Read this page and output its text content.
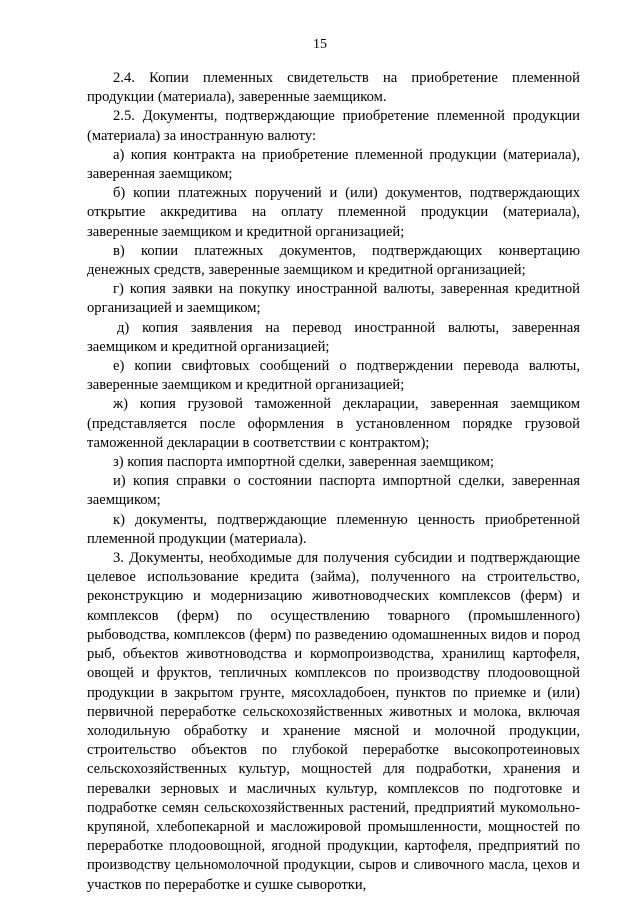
15

2.4. Копии племенных свидетельств на приобретение племенной продукции (материала), заверенные заемщиком.

2.5. Документы, подтверждающие приобретение племенной продукции (материала) за иностранную валюту:

а) копия контракта на приобретение племенной продукции (материала), заверенная заемщиком;

б) копии платежных поручений и (или) документов, подтверждающих открытие аккредитива на оплату племенной продукции (материала), заверенные заемщиком и кредитной организацией;

в) копии платежных документов, подтверждающих конвертацию денежных средств, заверенные заемщиком и кредитной организацией;

г) копия заявки на покупку иностранной валюты, заверенная кредитной организацией и заемщиком;

д) копия заявления на перевод иностранной валюты, заверенная заемщиком и кредитной организацией;

е) копии свифтовых сообщений о подтверждении перевода валюты, заверенные заемщиком и кредитной организацией;

ж) копия грузовой таможенной декларации, заверенная заемщиком (представляется после оформления в установленном порядке грузовой таможенной декларации в соответствии с контрактом);

з) копия паспорта импортной сделки, заверенная заемщиком;

и) копия справки о состоянии паспорта импортной сделки, заверенная заемщиком;

к) документы, подтверждающие племенную ценность приобретенной племенной продукции (материала).

3. Документы, необходимые для получения субсидии и подтверждающие целевое использование кредита (займа), полученного на строительство, реконструкцию и модернизацию животноводческих комплексов (ферм) и комплексов (ферм) по осуществлению товарного (промышленного) рыбоводства, комплексов (ферм) по разведению одомашненных видов и пород рыб, объектов животноводства и кормопроизводства, хранилищ картофеля, овощей и фруктов, тепличных комплексов по производству плодоовощной продукции в закрытом грунте, мясохладобоен, пунктов по приемке и (или) первичной переработке сельскохозяйственных животных и молока, включая холодильную обработку и хранение мясной и молочной продукции, строительство объектов по глубокой переработке высокопротеиновых сельскохозяйственных культур, мощностей для подработки, хранения и перевалки зерновых и масличных культур, комплексов по подготовке и подработке семян сельскохозяйственных растений, предприятий мукомольно-крупяной, хлебопекарной и масложировой промышленности, мощностей по переработке плодоовощной, ягодной продукции, картофеля, предприятий по производству цельномолочной продукции, сыров и сливочного масла, цехов и участков по переработке и сушке сыворотки,
